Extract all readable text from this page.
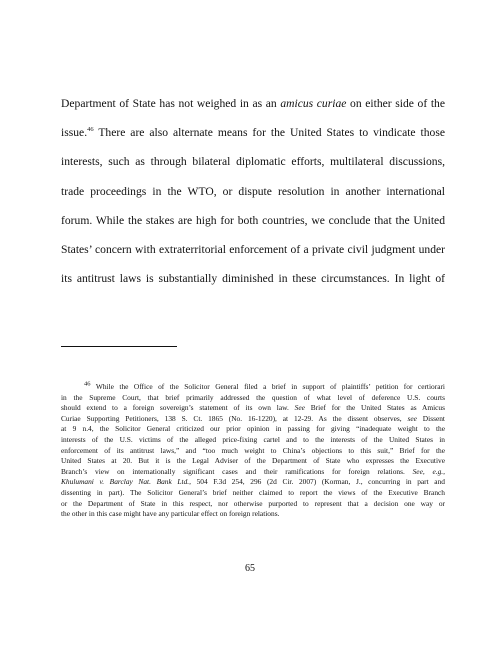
Department of State has not weighed in as an amicus curiae on either side of the
issue.$^{46}$ There are also alternate means for the United States to vindicate those
interests, such as through bilateral diplomatic efforts, multilateral discussions,
trade proceedings in the WTO, or dispute resolution in another international
forum. While the stakes are high for both countries, we conclude that the United
States’ concern with extraterritorial enforcement of a private civil judgment under
its antitrust laws is substantially diminished in these circumstances. In light of
$^{46}$ While the Office of the Solicitor General filed a brief in support of plaintiffs’ petition for certiorari
in the Supreme Court, that brief primarily addressed the question of what level of deference U.S. courts
should extend to a foreign sovereign’s statement of its own law. See Brief for the United States as Amicus
Curiae Supporting Petitioners, 138 S. Ct. 1865 (No. 16-1220), at 12-29. As the dissent observes, see Dissent
at 9 n.4, the Solicitor General criticized our prior opinion in passing for giving “inadequate weight to the
interests of the U.S. victims of the alleged price-fixing cartel and to the interests of the United States in
enforcement of its antitrust laws,” and “too much weight to China’s objections to this suit,” Brief for the
United States at 20. But it is the Legal Adviser of the Department of State who expresses the Executive
Branch’s view on internationally significant cases and their ramifications for foreign relations. See, e.g.,
Khulumani v. Barclay Nat. Bank Ltd., 504 F.3d 254, 296 (2d Cir. 2007) (Korman, J., concurring in part and
dissenting in part). The Solicitor General’s brief neither claimed to report the views of the Executive Branch
or the Department of State in this respect, nor otherwise purported to represent that a decision one way or
the other in this case might have any particular effect on foreign relations.
65
